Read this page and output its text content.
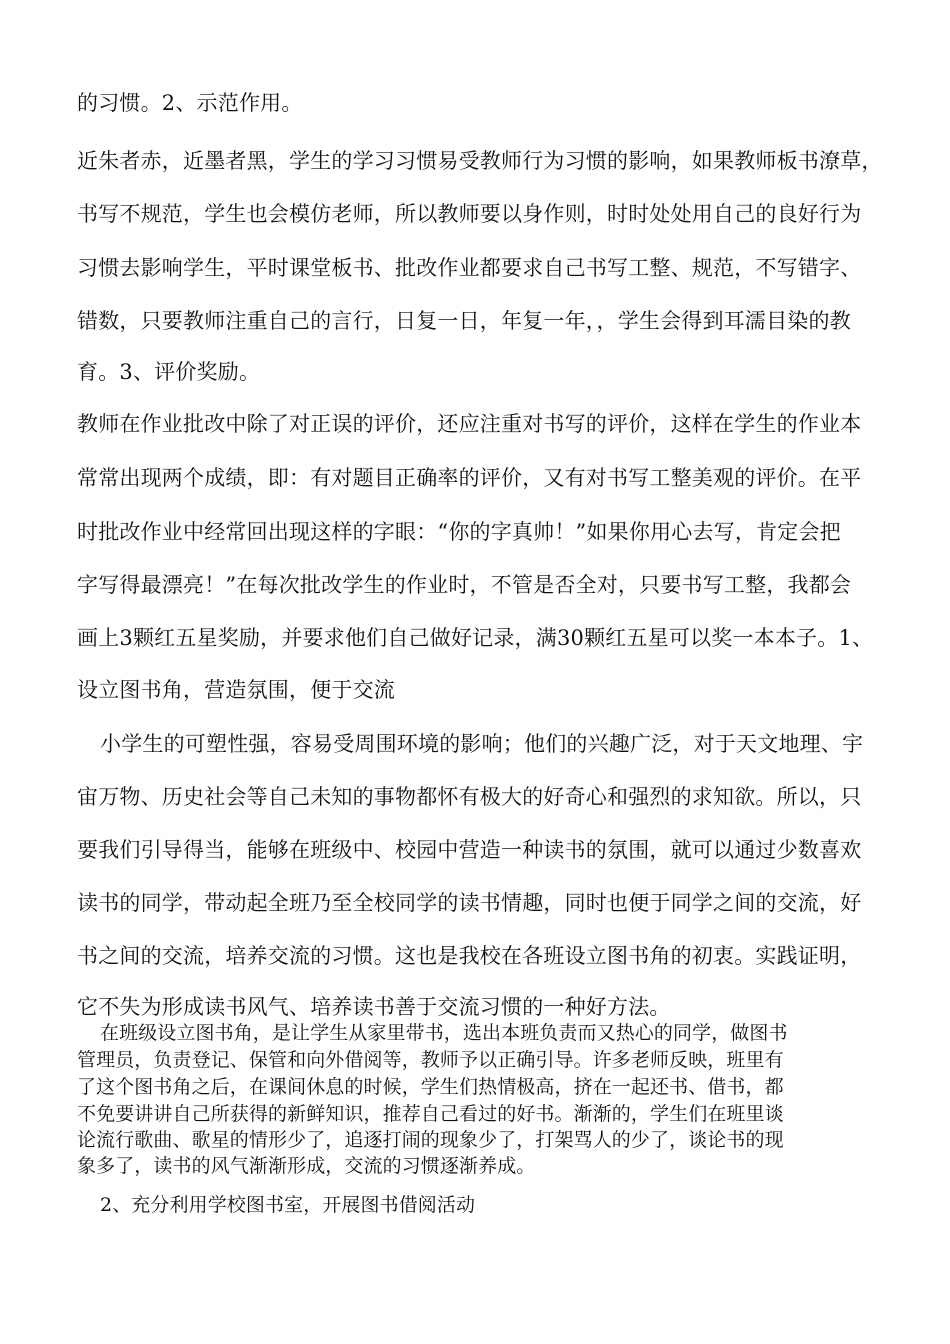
的习惯。2、示范作用。
近朱者赤，近墨者黑，学生的学习习惯易受教师行为习惯的影响，如果教师板书潦草，
书写不规范，学生也会模仿老师，所以教师要以身作则，时时处处用自己的良好行为
习惯去影响学生，平时课堂板书、批改作业都要求自己书写工整、规范，不写错字、
错数，只要教师注重自己的言行，日复一日，年复一年，，学生会得到耳濡目染的教
育。3、评价奖励。
教师在作业批改中除了对正误的评价，还应注重对书写的评价，这样在学生的作业本
常常出现两个成绩，即：有对题目正确率的评价，又有对书写工整美观的评价。在平
时批改作业中经常回出现这样的字眼：“你的字真帅！”如果你用心去写，肯定会把
字写得最漂亮！”在每次批改学生的作业时，不管是否全对，只要书写工整，我都会
画上3颗红五星奖励，并要求他们自己做好记录，满30颗红五星可以奖一本本子。1、
设立图书角，营造氛围，便于交流
小学生的可塑性强，容易受周围环境的影响；他们的兴趣广泛，对于天文地理、宇
宙万物、历史社会等自己未知的事物都怀有极大的好奇心和强烈的求知欲。所以，只
要我们引导得当，能够在班级中、校园中营造一种读书的氛围，就可以通过少数喜欢
读书的同学，带动起全班乃至全校同学的读书情趣，同时也便于同学之间的交流，好
书之间的交流，培养交流的习惯。这也是我校在各班设立图书角的初衷。实践证明，
它不失为形成读书风气、培养读书善于交流习惯的一种好方法。
在班级设立图书角，是让学生从家里带书，选出本班负责而又热心的同学，做图书
管理员，负责登记、保管和向外借阅等，教师予以正确引导。许多老师反映，班里有
了这个图书角之后，在课间休息的时候，学生们热情极高，挤在一起还书、借书，都
不免要讲讲自己所获得的新鲜知识，推荐自己看过的好书。渐渐的，学生们在班里谈
论流行歌曲、歌星的情形少了，追逐打闹的现象少了，打架骂人的少了，谈论书的现
象多了，读书的风气渐渐形成，交流的习惯逐渐养成。
2、充分利用学校图书室，开展图书借阅活动
